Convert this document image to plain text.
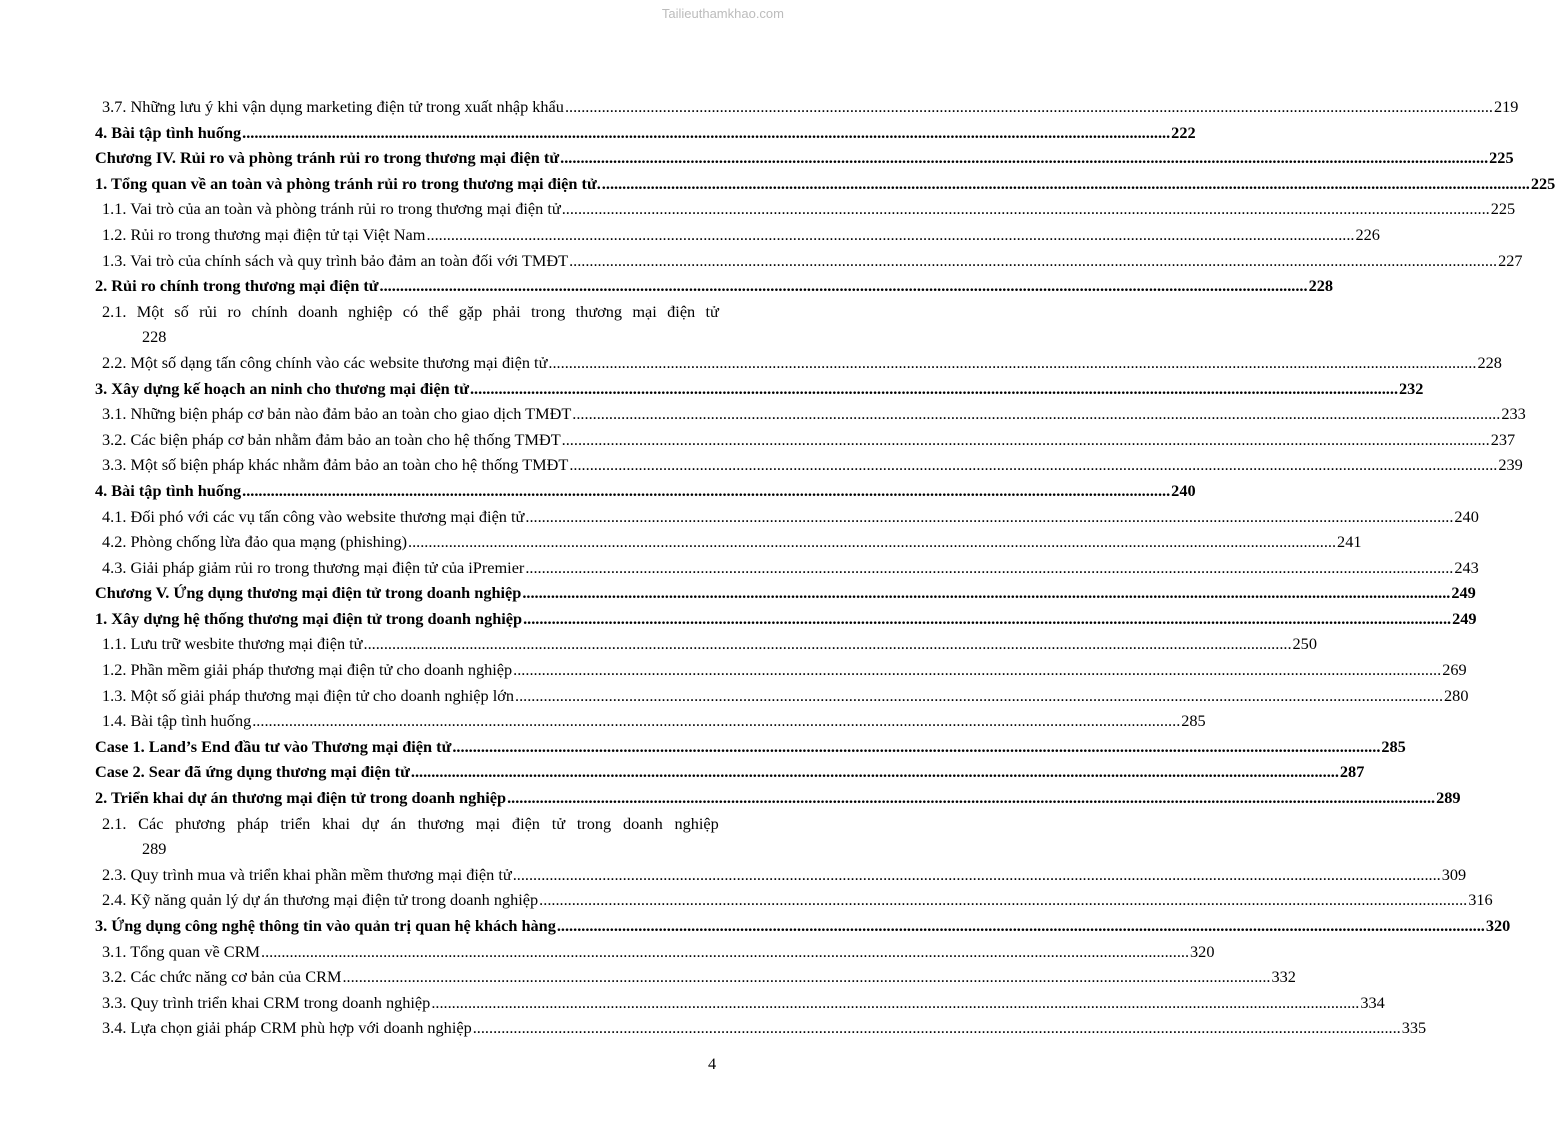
Tailieuthamkhao.com
3.7. Những lưu ý khi vận dụng marketing điện tử trong xuất nhập khẩu .....	219
4. Bài tập tình huống .....	222
Chương IV. Rủi ro và phòng tránh rủi ro trong thương mại điện tử .....	225
1. Tổng quan về an toàn và phòng tránh rủi ro trong thương mại điện tử. .....	225
1.1. Vai trò của an toàn và phòng tránh rủi ro trong thương mại điện tử .....	225
1.2. Rủi ro trong thương mại điện tử tại Việt Nam .....	226
1.3. Vai trò của chính sách và quy trình bảo đảm an toàn đối với TMĐT .....	227
2. Rủi ro chính trong thương mại điện tử .....	228
2.1. Một số rủi ro chính doanh nghiệp có thể gặp phải trong thương mại điện tử
228
2.2. Một số dạng tấn công chính vào các website thương mại điện tử .....	228
3. Xây dựng kế hoạch an ninh cho thương mại điện tử .....	232
3.1. Những biện pháp cơ bản nào đảm bảo an toàn cho giao dịch TMĐT .....	233
3.2. Các biện pháp cơ bản nhằm đảm bảo an toàn cho hệ thống TMĐT .....	237
3.3. Một số biện pháp khác nhằm đảm bảo an toàn cho hệ thống TMĐT .....	239
4. Bài tập tình huống .....	240
4.1. Đối phó với các vụ tấn công vào website thương mại điện tử .....	240
4.2. Phòng chống lừa đảo qua mạng (phishing) .....	241
4.3. Giải pháp giảm rủi ro trong thương mại điện tử của iPremier .....	243
Chương V. Ứng dụng thương mại điện tử trong doanh nghiệp .....	249
1. Xây dựng hệ thống thương mại điện tử trong doanh nghiệp .....	249
1.1. Lưu trữ wesbite thương mại điện tử .....	250
1.2. Phần mềm giải pháp thương mại điện tử cho doanh nghiệp .....	269
1.3. Một số giải pháp thương mại điện tử cho doanh nghiệp lớn .....	280
1.4. Bài tập tình huống .....	285
Case 1. Land’s End đầu tư vào Thương mại điện tử .....	285
Case 2. Sear đã ứng dụng thương mại điện tử .....	287
2. Triển khai dự án thương mại điện tử trong doanh nghiệp .....	289
2.1. Các phương pháp triển khai dự án thương mại điện tử trong doanh nghiệp
289
2.3. Quy trình mua và triển khai phần mềm thương mại điện tử .....	309
2.4. Kỹ năng quản lý dự án thương mại điện tử trong doanh nghiệp .....	316
3. Ứng dụng công nghệ thông tin vào quản trị quan hệ khách hàng .....	320
3.1. Tổng quan về CRM .....	320
3.2. Các chức năng cơ bản của CRM .....	332
3.3. Quy trình triển khai CRM trong doanh nghiệp .....	334
3.4. Lựa chọn giải pháp CRM phù hợp với doanh nghiệp .....	335
4
